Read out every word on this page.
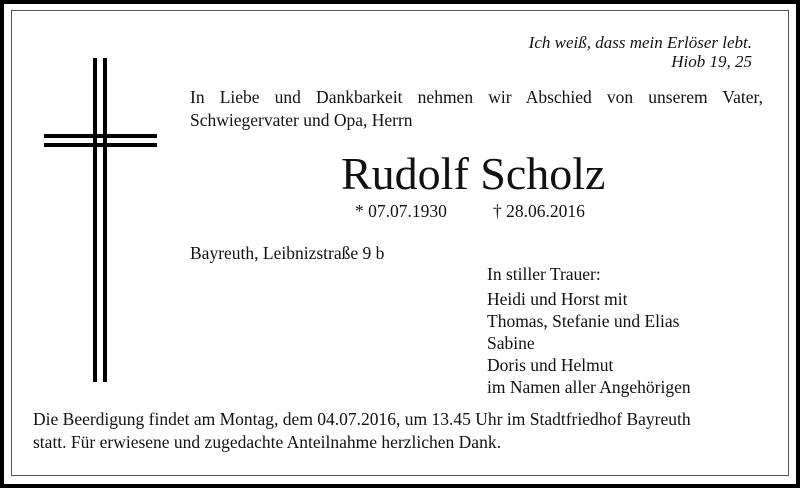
Ich weiß, dass mein Erlöser lebt.
Hiob 19, 25
In Liebe und Dankbarkeit nehmen wir Abschied von unserem Vater,
Schwiegervater und Opa, Herrn
Rudolf Scholz
* 07.07.1930	† 28.06.2016
Bayreuth, Leibnizstraße 9 b
In stiller Trauer:
Heidi und Horst mit
Thomas, Stefanie und Elias
Sabine
Doris und Helmut
im Namen aller Angehörigen
Die Beerdigung findet am Montag, dem 04.07.2016, um 13.45 Uhr im Stadtfriedhof Bayreuth
statt. Für erwiesene und zugedachte Anteilnahme herzlichen Dank.
